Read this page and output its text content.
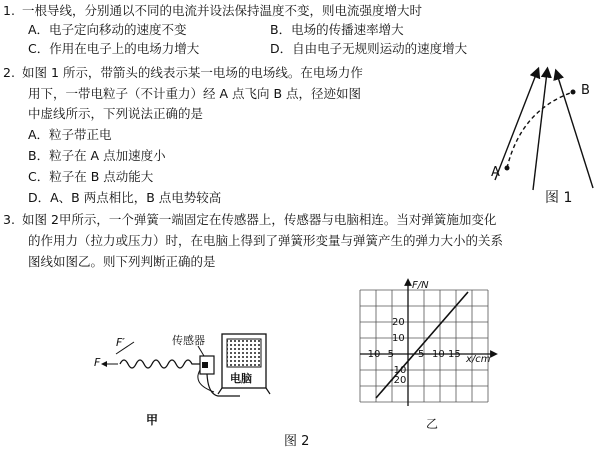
1. 一根导线，分别通以不同的电流并设法保持温度不变，则电流强度增大时
A．电子定向移动的速度不变	B．电场的传播速率增大
C．作用在电子上的电场力增大	D．自由电子无规则运动的速度增大
2. 如图 1 所示，带箭头的线表示某一电场的电场线。在电场力作
用下，一带电粒子（不计重力）经 A 点飞向 B 点，径迹如图
中虚线所示，下列说法正确的是
A．粒子带正电
B．粒子在 A 点加速度小
C．粒子在 B 点动能大
D．A、B 两点相比，B 点电势较高
A
B
图 1
3. 如图 2甲所示，一个弹簧一端固定在传感器上，传感器与电脑相连。当对弹簧施加变化
的作用力（拉力或压力）时，在电脑上得到了弹簧形变量与弹簧产生的弹力大小的关系
图线如图乙。则下列判断正确的是
F′
F
传感器
电脑
甲
F/N
x/cm
20
10
-10
-20
-10 -5 5 10 15
乙
图 2
